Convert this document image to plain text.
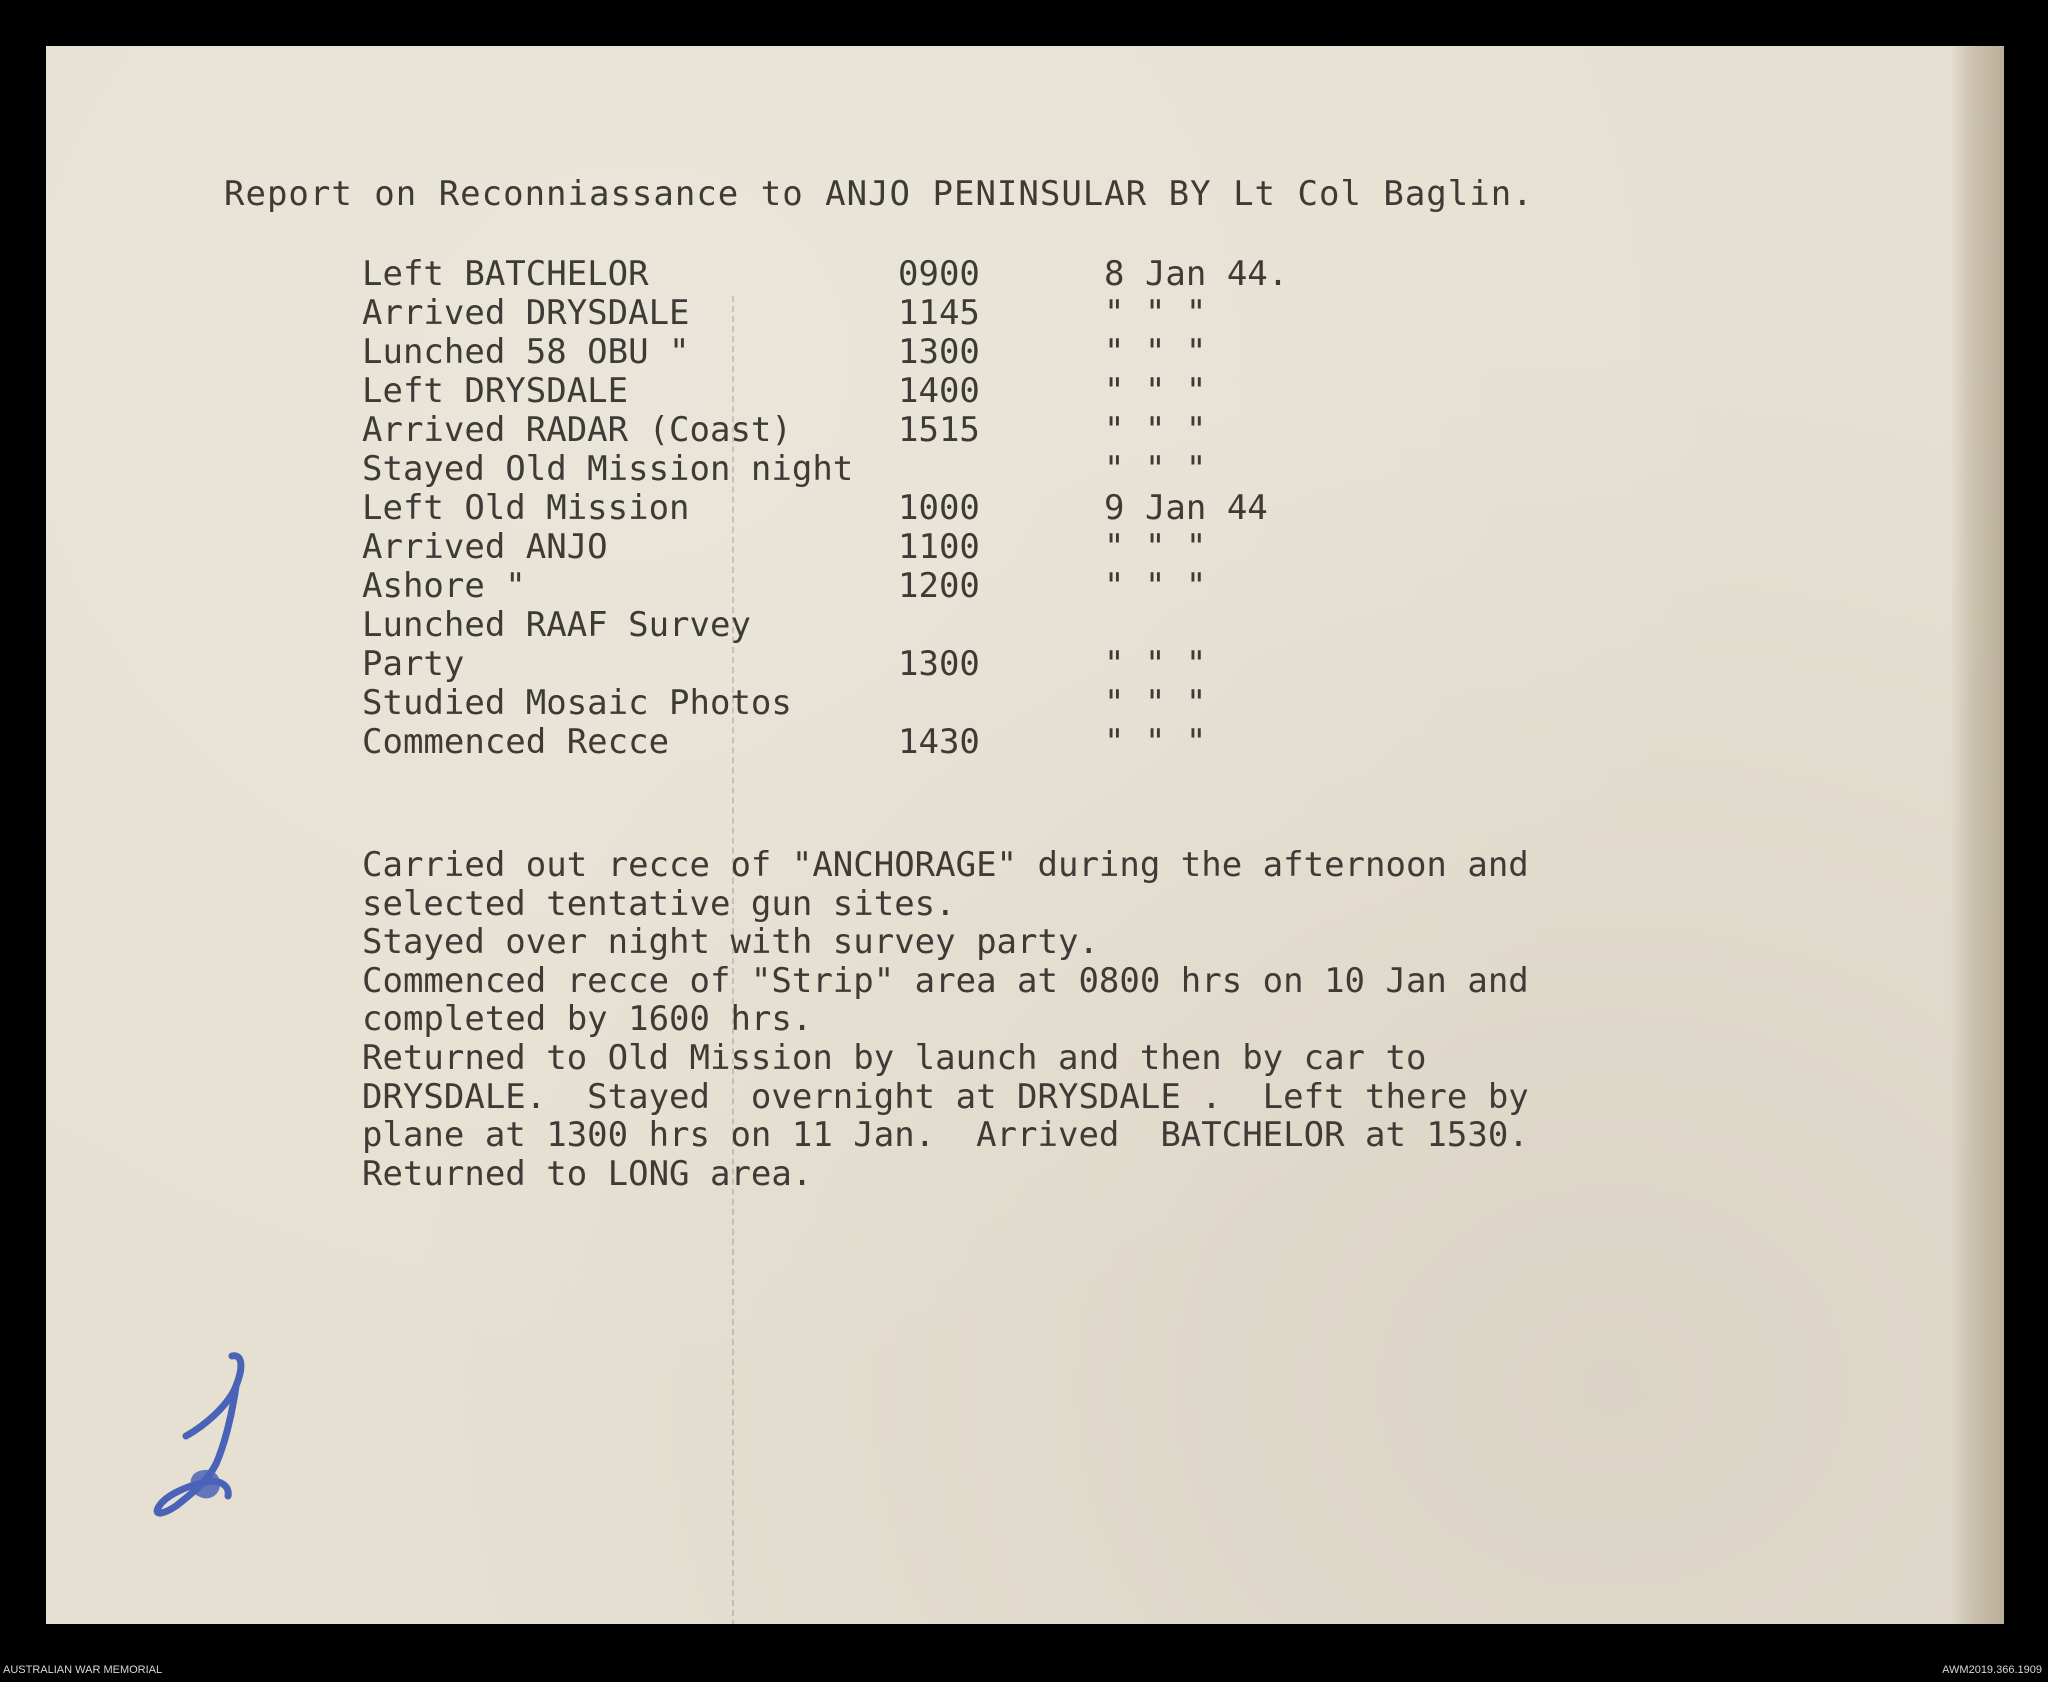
Report on Reconniassance to ANJO PENINSULAR BY Lt Col Baglin.

Left BATCHELOR	0900	8 Jan 44.
Arrived DRYSDALE	1145	" " "
Lunched 58 OBU "	1300	" " "
Left DRYSDALE	1400	" " "
Arrived RADAR (Coast)	1515	" " "
Stayed Old Mission night	" " "
Left Old Mission	1000	9 Jan 44
Arrived ANJO	1100	" " "
Ashore "	1200	" " "
Lunched RAAF Survey
Party	1300	" " "
Studied Mosaic Photos	" " "
Commenced Recce	1430	" " "
Carried out recce of "ANCHORAGE" during the afternoon and
selected tentative gun sites.
Stayed over night with survey party.
Commenced recce of "Strip" area at 0800 hrs on 10 Jan and
completed by 1600 hrs.
Returned to Old Mission by launch and then by car to
DRYSDALE.  Stayed  overnight at DRYSDALE .  Left there by
plane at 1300 hrs on 11 Jan.  Arrived  BATCHELOR at 1530.
Returned to LONG area.
AUSTRALIAN WAR MEMORIAL	AWM2019.366.1909
